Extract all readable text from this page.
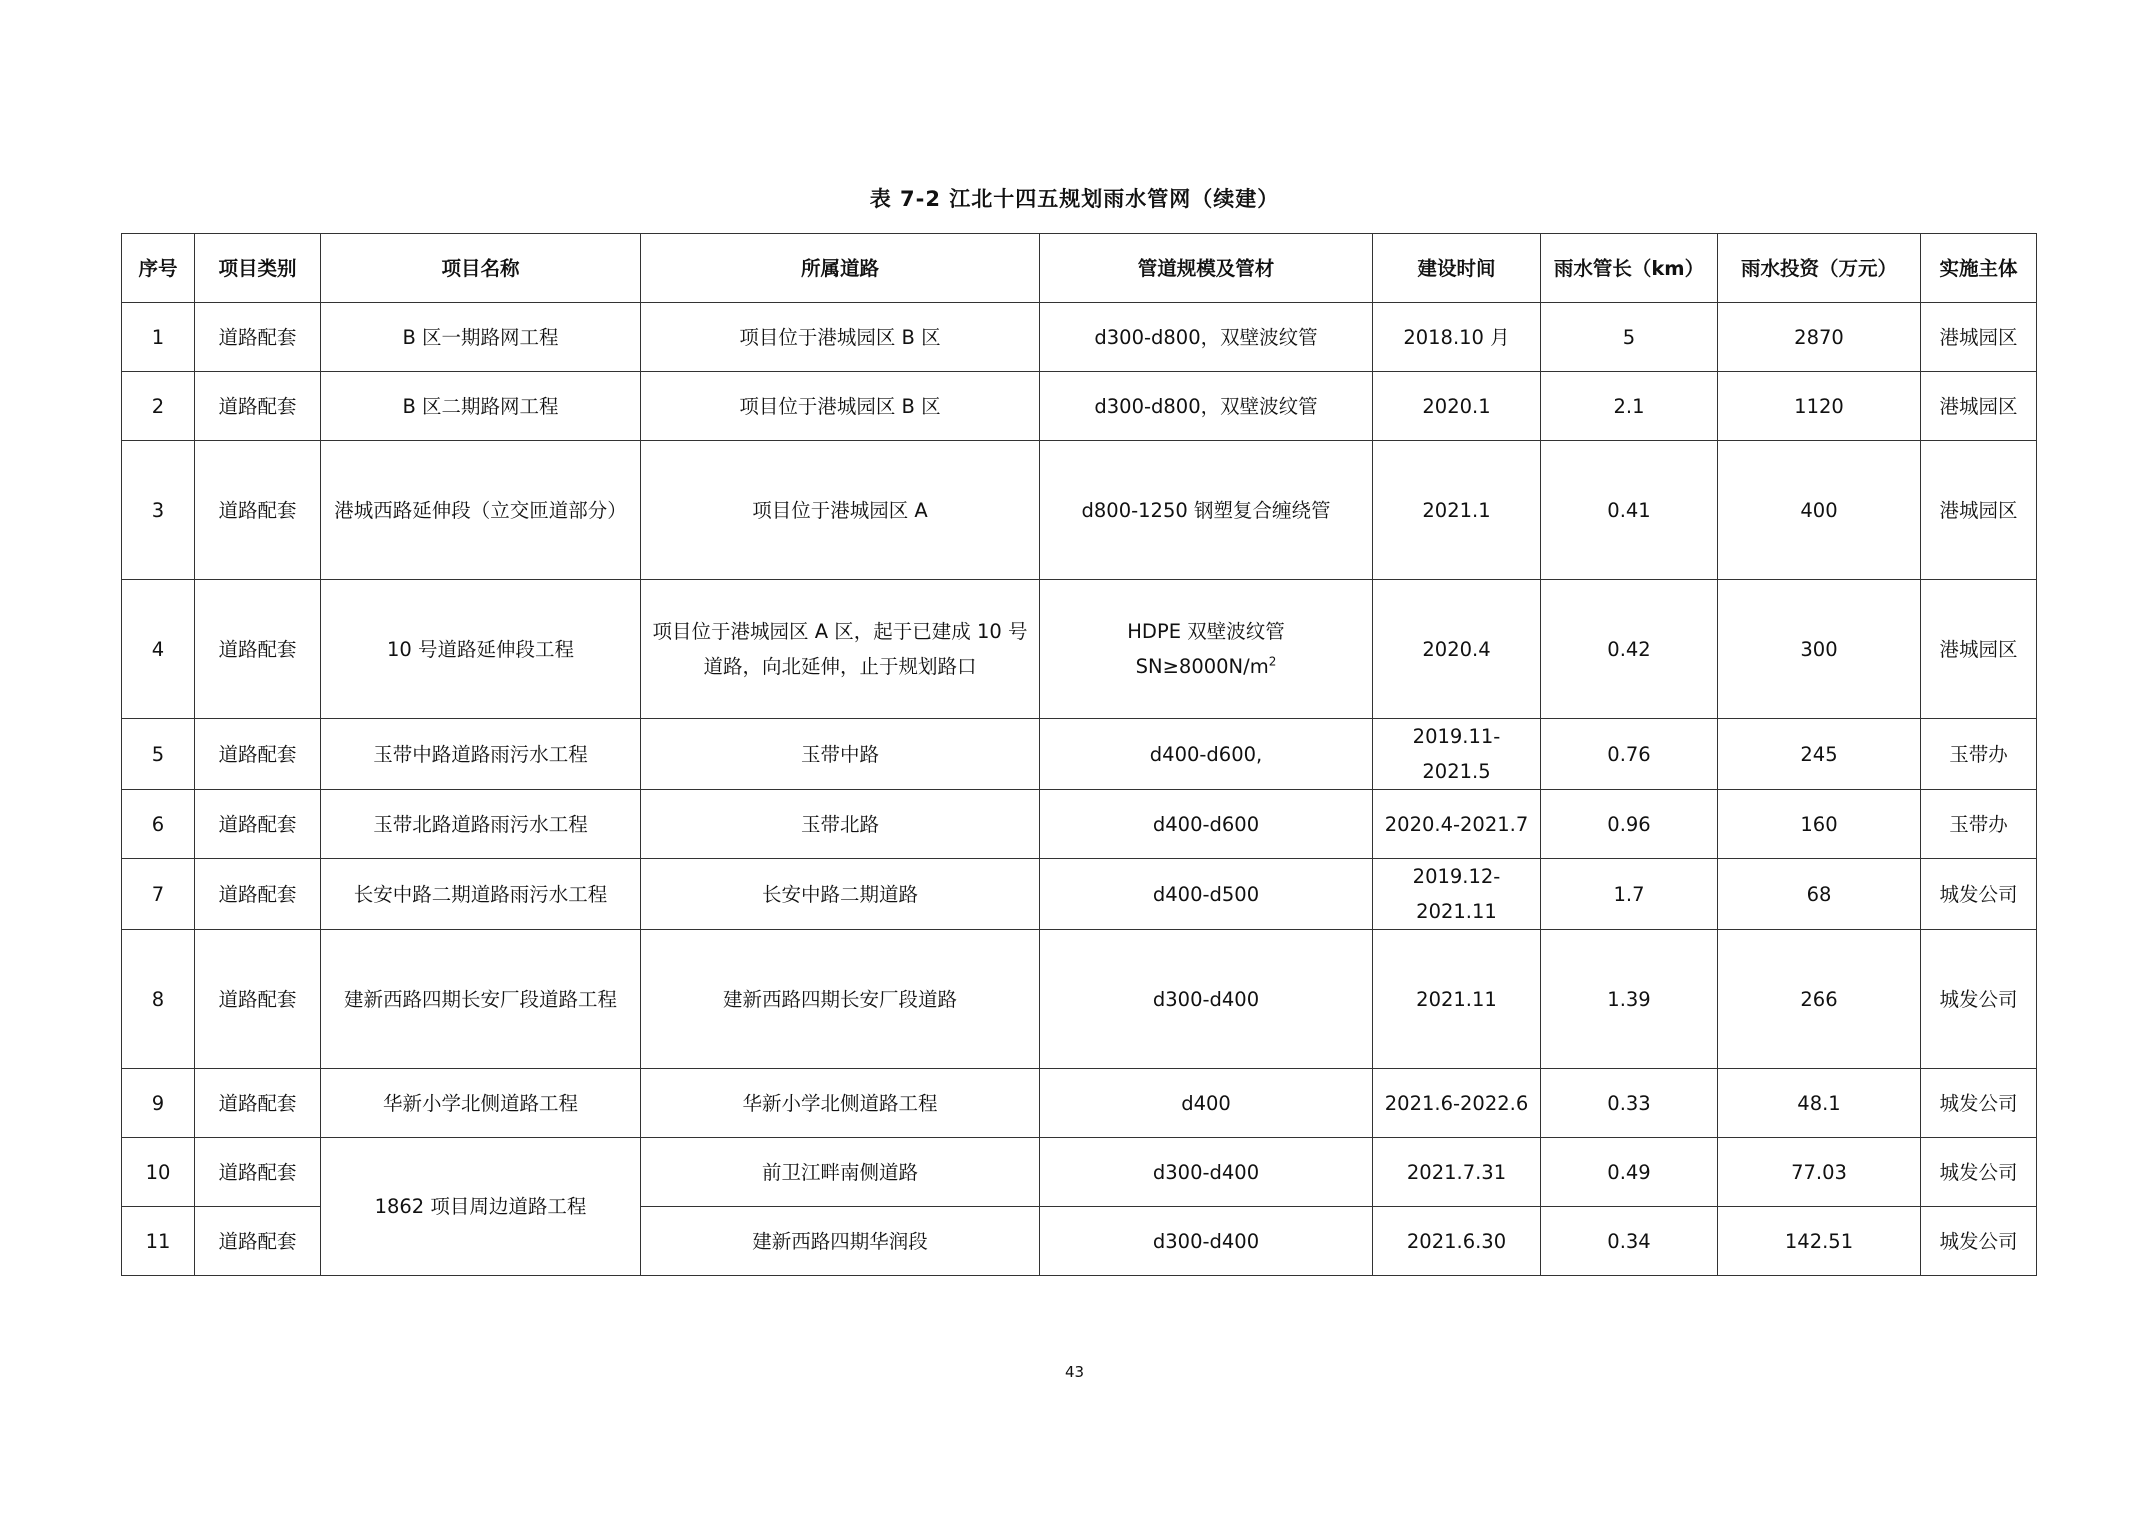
表 7-2 江北十四五规划雨水管网（续建）
序号	项目类别	项目名称	所属道路	管道规模及管材	建设时间	雨水管长（km）	雨水投资（万元）	实施主体
1	道路配套	B 区一期路网工程	项目位于港城园区 B 区	d300-d800，双壁波纹管	2018.10 月	5	2870	港城园区
2	道路配套	B 区二期路网工程	项目位于港城园区 B 区	d300-d800，双壁波纹管	2020.1	2.1	1120	港城园区
3	道路配套	港城西路延伸段（立交匝道部分）	项目位于港城园区 A	d800-1250 钢塑复合缠绕管	2021.1	0.41	400	港城园区
4	道路配套	10 号道路延伸段工程	项目位于港城园区 A 区，起于已建成 10 号道路，向北延伸，止于规划路口	HDPE 双壁波纹管　$SN\ge 8000N/m^2$	2020.4	0.42	300	港城园区
5	道路配套	玉带中路道路雨污水工程	玉带中路	d400-d600,	2019.11-2021.5	0.76	245	玉带办
6	道路配套	玉带北路道路雨污水工程	玉带北路	d400-d600	2020.4-2021.7	0.96	160	玉带办
7	道路配套	长安中路二期道路雨污水工程	长安中路二期道路	d400-d500	2019.12-2021.11	1.7	68	城发公司
8	道路配套	建新西路四期长安厂段道路工程	建新西路四期长安厂段道路	d300-d400	2021.11	1.39	266	城发公司
9	道路配套	华新小学北侧道路工程	华新小学北侧道路工程	d400	2021.6-2022.6	0.33	48.1	城发公司
10	道路配套	1862 项目周边道路工程	前卫江畔南侧道路	d300-d400	2021.7.31	0.49	77.03	城发公司
11	道路配套		建新西路四期华润段	d300-d400	2021.6.30	0.34	142.51	城发公司
43
